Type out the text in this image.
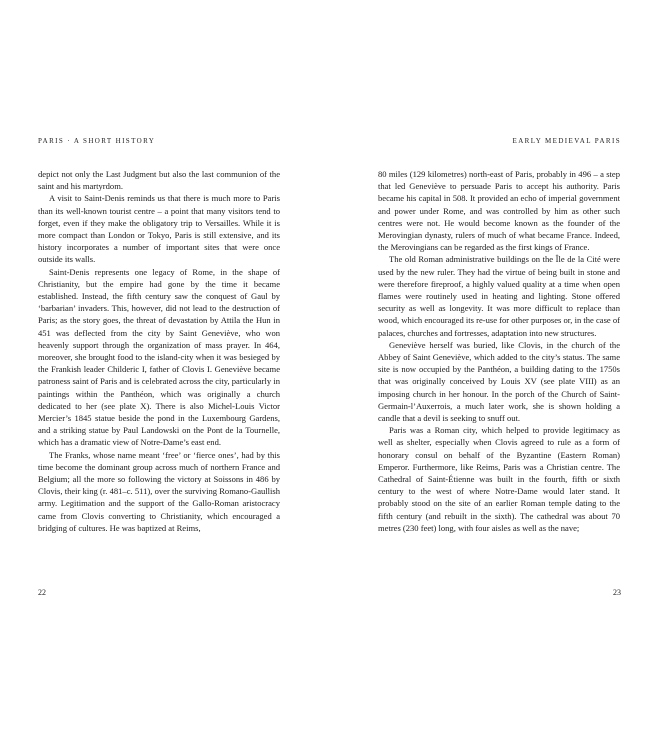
PARIS · A SHORT HISTORY	EARLY MEDIEVAL PARIS

depict not only the Last Judgment but also the last communion of the saint and his martyrdom.

A visit to Saint-Denis reminds us that there is much more to Paris than its well-known tourist centre – a point that many visitors tend to forget, even if they make the obligatory trip to Versailles. While it is more compact than London or Tokyo, Paris is still extensive, and its history incorporates a number of important sites that were once outside its walls.

Saint-Denis represents one legacy of Rome, in the shape of Christianity, but the empire had gone by the time it became established. Instead, the fifth century saw the conquest of Gaul by ‘barbarian’ invaders. This, however, did not lead to the destruction of Paris; as the story goes, the threat of devastation by Attila the Hun in 451 was deflected from the city by Saint Geneviève, who won heavenly support through the organization of mass prayer. In 464, moreover, she brought food to the island-city when it was besieged by the Frankish leader Childeric I, father of Clovis I. Geneviève became patroness saint of Paris and is celebrated across the city, particularly in paintings within the Panthéon, which was originally a church dedicated to her (see plate X). There is also Michel-Louis Victor Mercier’s 1845 statue beside the pond in the Luxembourg Gardens, and a striking statue by Paul Landowski on the Pont de la Tournelle, which has a dramatic view of Notre-Dame’s east end.

The Franks, whose name meant ‘free’ or ‘fierce ones’, had by this time become the dominant group across much of northern France and Belgium; all the more so following the victory at Soissons in 486 by Clovis, their king (r. 481–c. 511), over the surviving Romano-Gaullish army. Legitimation and the support of the Gallo-Roman aristocracy came from Clovis converting to Christianity, which encouraged a bridging of cultures. He was baptized at Reims,

80 miles (129 kilometres) north-east of Paris, probably in 496 – a step that led Geneviève to persuade Paris to accept his authority. Paris became his capital in 508. It provided an echo of imperial government and power under Rome, and was controlled by him as other such centres were not. He would become known as the founder of the Merovingian dynasty, rulers of much of what became France. Indeed, the Merovingians can be regarded as the first kings of France.

The old Roman administrative buildings on the Île de la Cité were used by the new ruler. They had the virtue of being built in stone and were therefore fireproof, a highly valued quality at a time when open flames were routinely used in heating and lighting. Stone offered security as well as longevity. It was more difficult to replace than wood, which encouraged its re-use for other purposes or, in the case of palaces, churches and fortresses, adaptation into new structures.

Geneviève herself was buried, like Clovis, in the church of the Abbey of Saint Geneviève, which added to the city’s status. The same site is now occupied by the Panthéon, a building dating to the 1750s that was originally conceived by Louis XV (see plate VIII) as an imposing church in her honour. In the porch of the Church of Saint-Germain-l’Auxerrois, a much later work, she is shown holding a candle that a devil is seeking to snuff out.

Paris was a Roman city, which helped to provide legitimacy as well as shelter, especially when Clovis agreed to rule as a form of honorary consul on behalf of the Byzantine (Eastern Roman) Emperor. Furthermore, like Reims, Paris was a Christian centre. The Cathedral of Saint-Étienne was built in the fourth, fifth or sixth century to the west of where Notre-Dame would later stand. It probably stood on the site of an earlier Roman temple dating to the fifth century (and rebuilt in the sixth). The cathedral was about 70 metres (230 feet) long, with four aisles as well as the nave;

22	23
